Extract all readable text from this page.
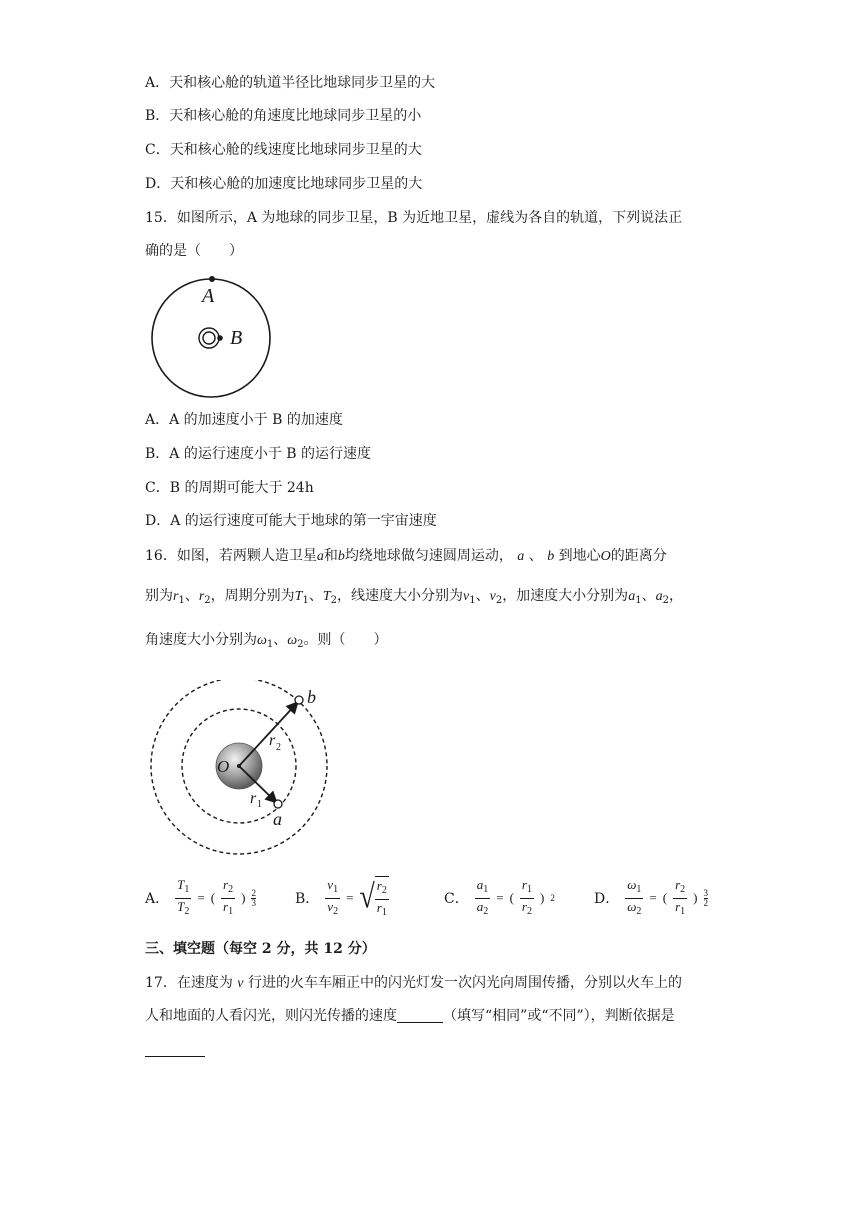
A．天和核心舱的轨道半径比地球同步卫星的大
B．天和核心舱的角速度比地球同步卫星的小
C．天和核心舱的线速度比地球同步卫星的大
D．天和核心舱的加速度比地球同步卫星的大
15．如图所示，A 为地球的同步卫星，B 为近地卫星，虚线为各自的轨道，下列说法正
确的是（　　）
A
B
A．A 的加速度小于 B 的加速度
B．A 的运行速度小于 B 的运行速度
C．B 的周期可能大于 24h
D．A 的运行速度可能大于地球的第一宇宙速度
16．如图，若两颗人造卫星a和b均绕地球做匀速圆周运动， a 、 b 到地心O的距离分
别为$r_1$、$r_2$，周期分别为$T_1$、$T_2$，线速度大小分别为$v_1$、$v_2$，加速度大小分别为$a_1$、$a_2$，
角速度大小分别为$\omega_1$、$\omega_2$。则（　　）
b
a
O
r 2
r 1
A． $\frac{T_1}{T_2}$ = ( $\frac{r_2}{r_1}$ ) 2
3	B． $\frac{v_1}{v_2}$ = √ $\frac{r_2}{r_1}$	C． $\frac{a_1}{a_2}$ = ( $\frac{r_1}{r_2}$ ) 2	D． $\frac{\omega_1}{\omega_2}$ = ( $\frac{r_2}{r_1}$ ) 3
2
三、填空题（每空 2 分，共 12 分）
17．在速度为 v 行进的火车车厢正中的闪光灯发一次闪光向周围传播，分别以火车上的
人和地面的人看闪光，则闪光传播的速度	（填写“相同”或“不同”），判断依据是
